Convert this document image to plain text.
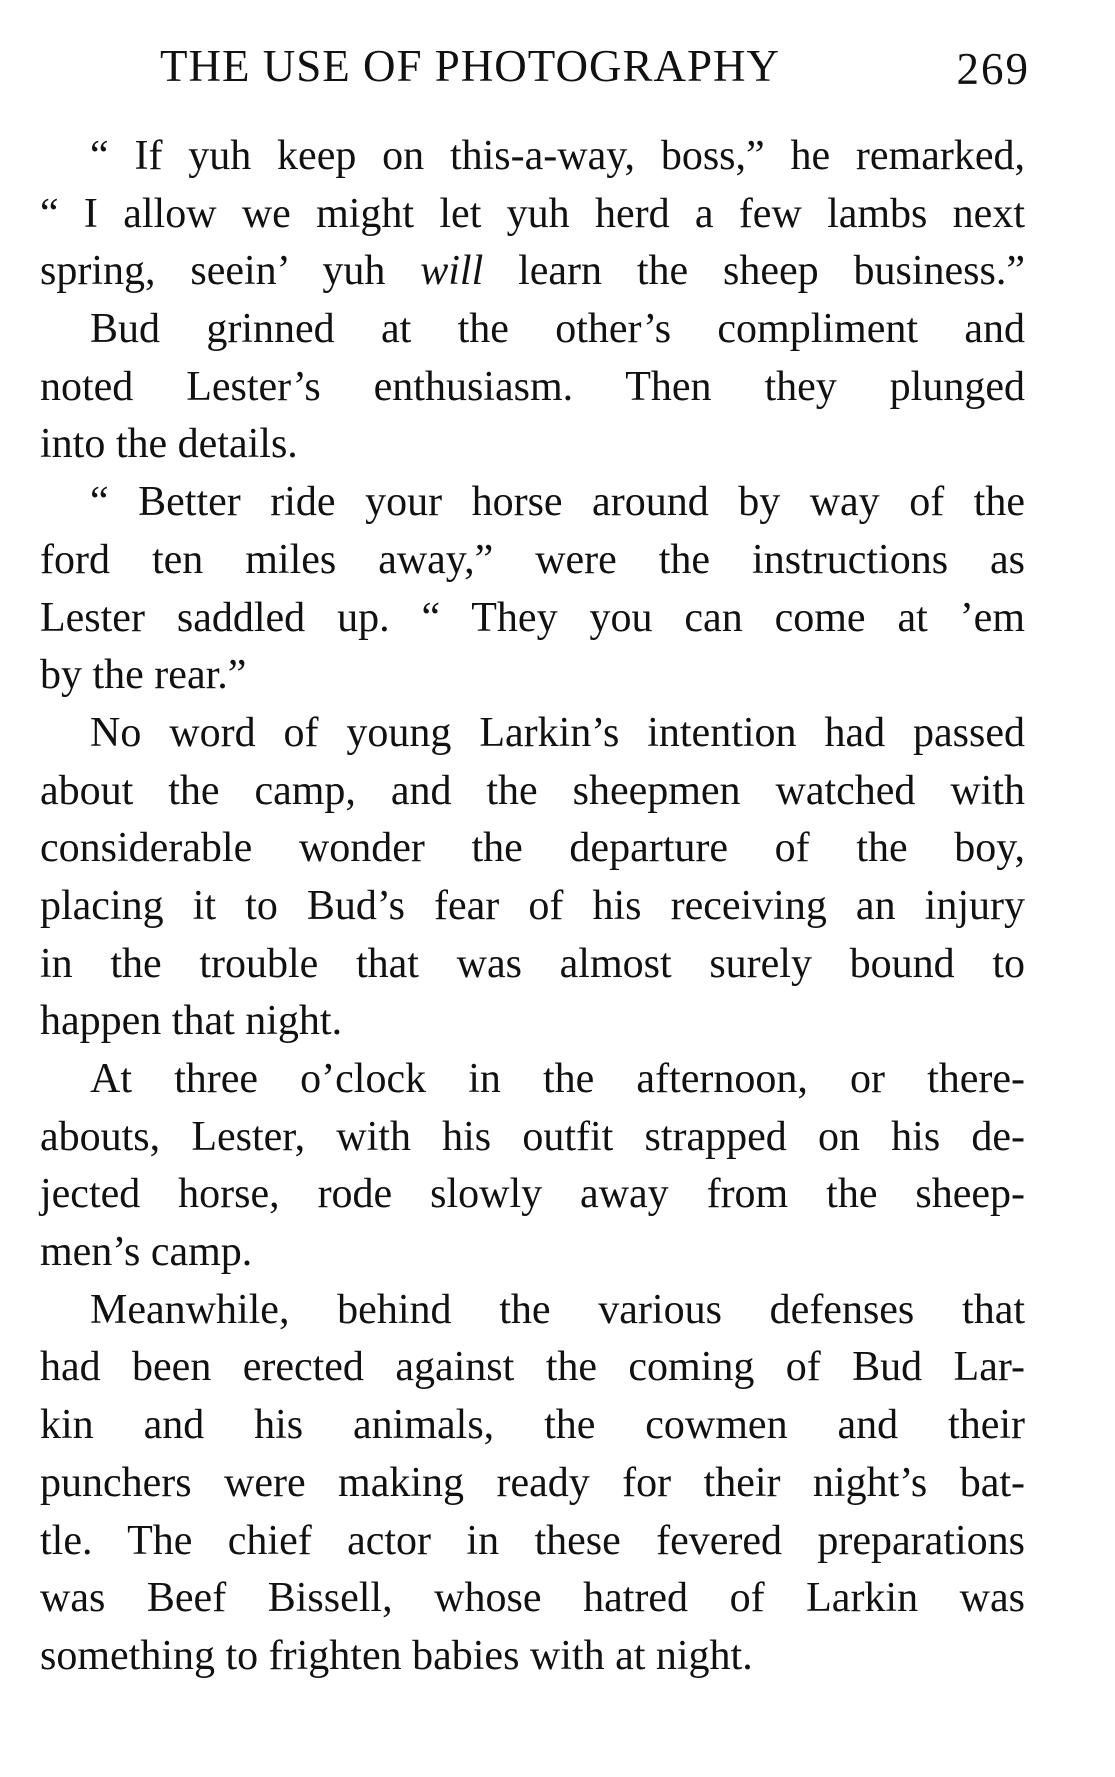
THE USE OF PHOTOGRAPHY	269
“ If yuh keep on this-a-way, boss,” he remarked,
“ I allow we might let yuh herd a few lambs next
spring, seein’ yuh will learn the sheep business.”
Bud grinned at the other’s compliment and
noted Lester’s enthusiasm. Then they plunged
into the details.
“ Better ride your horse around by way of the
ford ten miles away,” were the instructions as
Lester saddled up. “ They you can come at ’em
by the rear.”
No word of young Larkin’s intention had passed
about the camp, and the sheepmen watched with
considerable wonder the departure of the boy,
placing it to Bud’s fear of his receiving an injury
in the trouble that was almost surely bound to
happen that night.
At three o’clock in the afternoon, or there-
abouts, Lester, with his outfit strapped on his de-
jected horse, rode slowly away from the sheep-
men’s camp.
Meanwhile, behind the various defenses that
had been erected against the coming of Bud Lar-
kin and his animals, the cowmen and their
punchers were making ready for their night’s bat-
tle. The chief actor in these fevered preparations
was Beef Bissell, whose hatred of Larkin was
something to frighten babies with at night.
